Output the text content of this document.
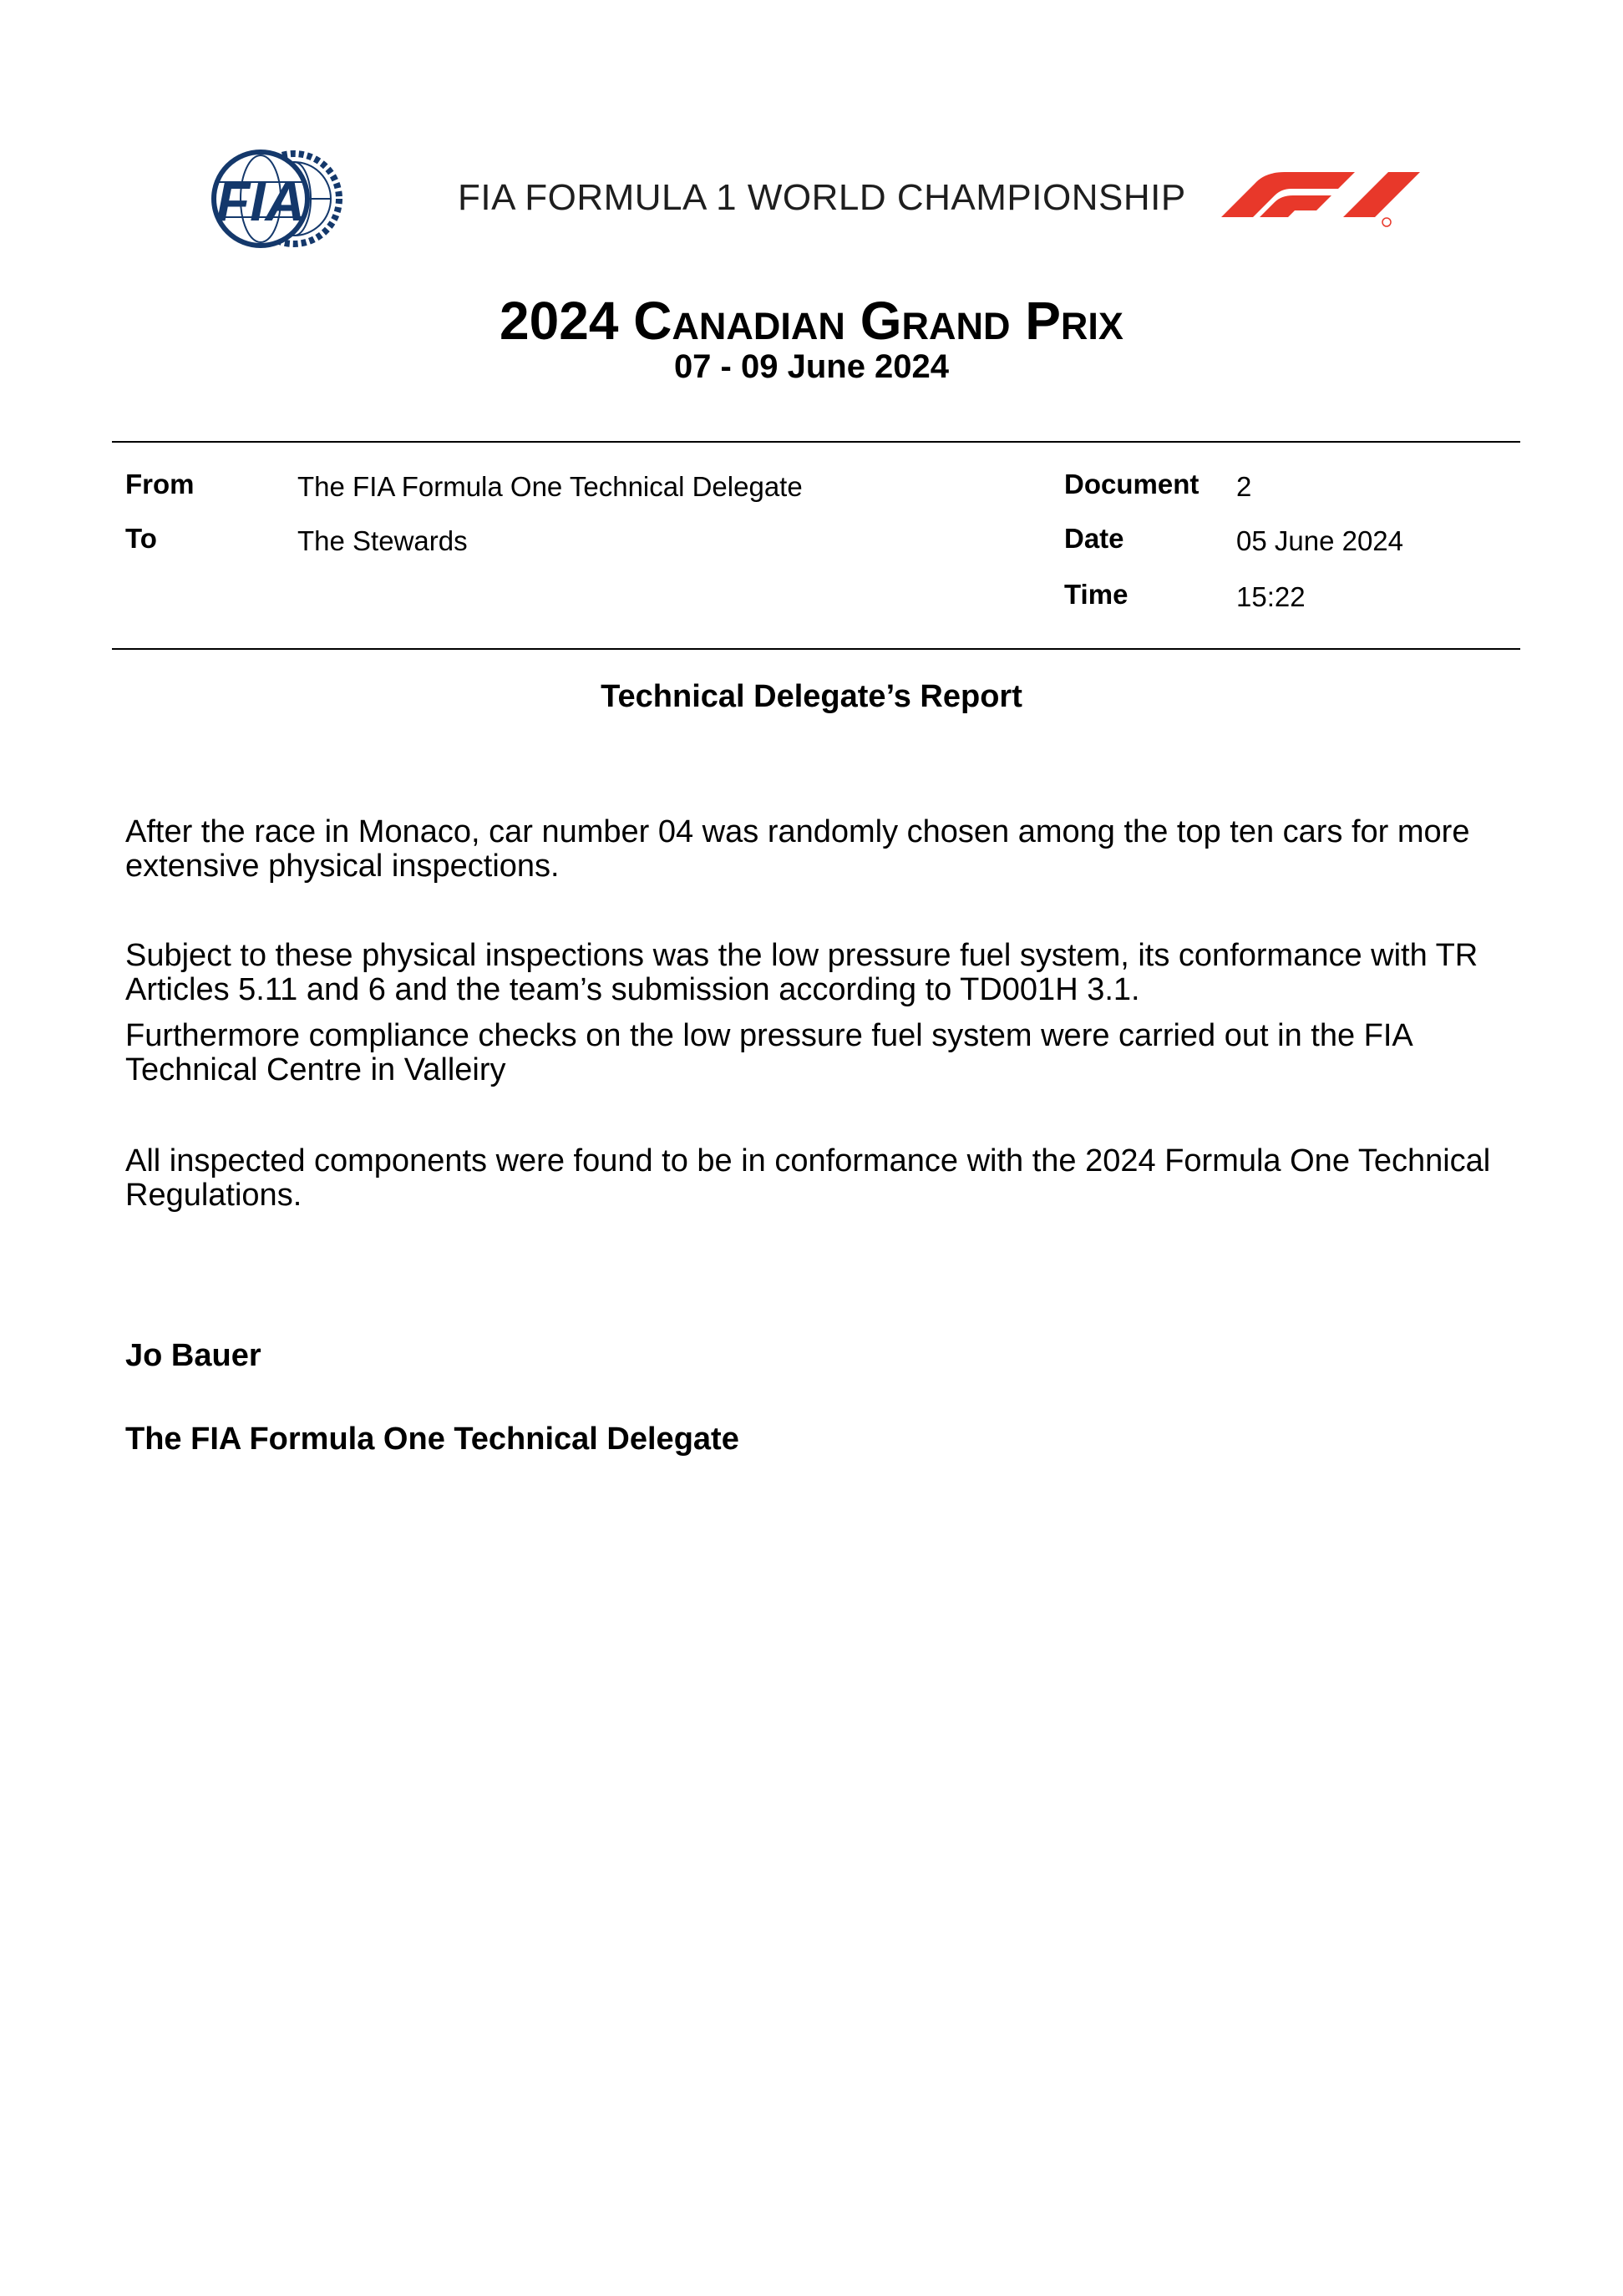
FIA	FIA FORMULA 1 WORLD CHAMPIONSHIP
2024 Canadian Grand Prix
07 - 09 June 2024
From	The FIA Formula One Technical Delegate
To	The Stewards
Document 2
Date	05 June 2024
Time	15:22
Technical Delegate’s Report
After the race in Monaco, car number 04 was randomly chosen among the top ten cars for more extensive physical inspections.
Subject to these physical inspections was the low pressure fuel system, its conformance with TR Articles 5.11 and 6 and the team’s submission according to TD001H 3.1.
Furthermore compliance checks on the low pressure fuel system were carried out in the FIA Technical Centre in Valleiry
All inspected components were found to be in conformance with the 2024 Formula One Technical Regulations.
Jo Bauer
The FIA Formula One Technical Delegate
